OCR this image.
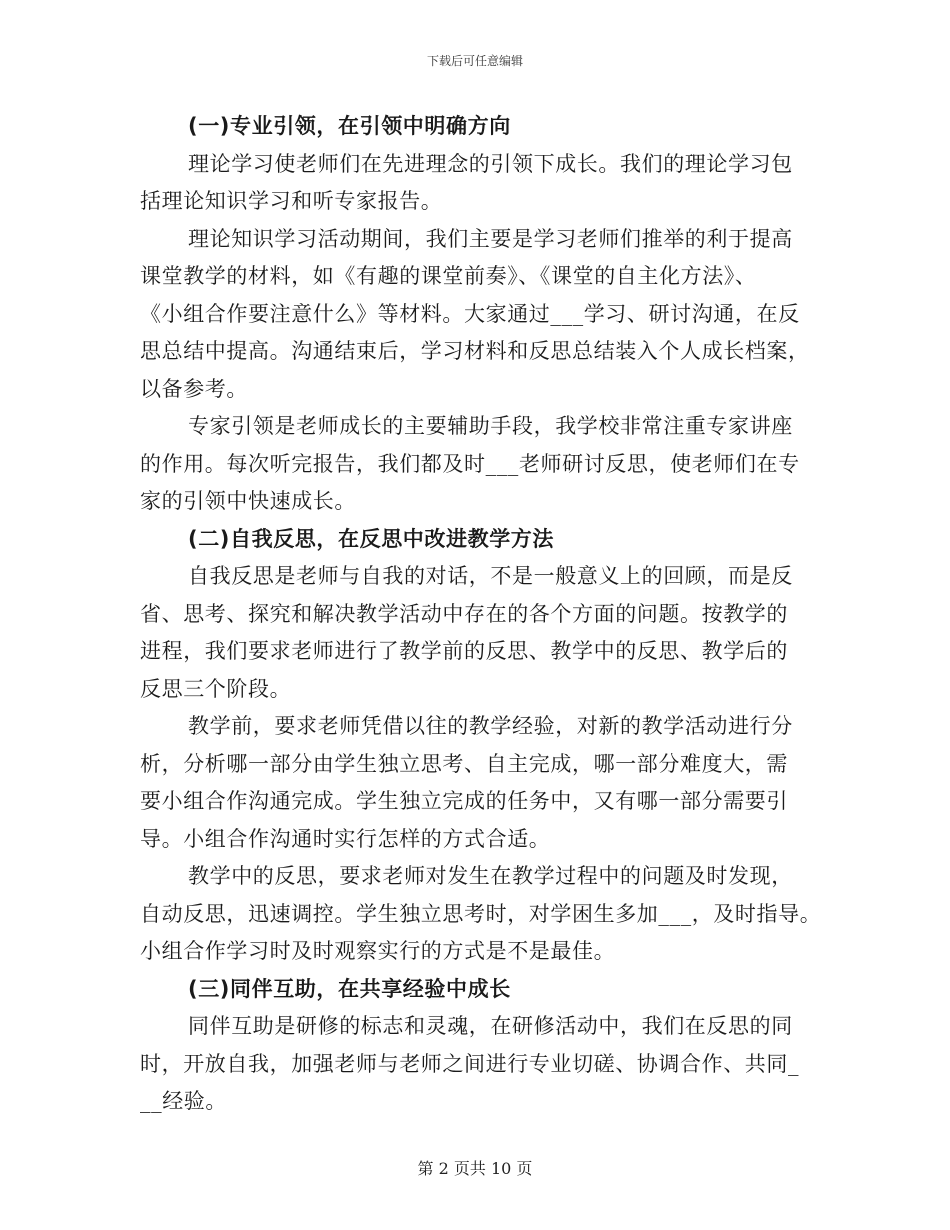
下载后可任意编辑
(一)专业引领，在引领中明确方向
理论学习使老师们在先进理念的引领下成长。我们的理论学习包
括理论知识学习和听专家报告。
理论知识学习活动期间，我们主要是学习老师们推举的利于提高
课堂教学的材料，如《有趣的课堂前奏》、《课堂的自主化方法》、
《小组合作要注意什么》等材料。大家通过___学习、研讨沟通，在反
思总结中提高。沟通结束后，学习材料和反思总结装入个人成长档案，
以备参考。
专家引领是老师成长的主要辅助手段，我学校非常注重专家讲座
的作用。每次听完报告，我们都及时___老师研讨反思，使老师们在专
家的引领中快速成长。
(二)自我反思，在反思中改进教学方法
自我反思是老师与自我的对话，不是一般意义上的回顾，而是反
省、思考、探究和解决教学活动中存在的各个方面的问题。按教学的
进程，我们要求老师进行了教学前的反思、教学中的反思、教学后的
反思三个阶段。
教学前，要求老师凭借以往的教学经验，对新的教学活动进行分
析，分析哪一部分由学生独立思考、自主完成，哪一部分难度大，需
要小组合作沟通完成。学生独立完成的任务中，又有哪一部分需要引
导。小组合作沟通时实行怎样的方式合适。
教学中的反思，要求老师对发生在教学过程中的问题及时发现，
自动反思，迅速调控。学生独立思考时，对学困生多加___，及时指导。
小组合作学习时及时观察实行的方式是不是最佳。
(三)同伴互助，在共享经验中成长
同伴互助是研修的标志和灵魂，在研修活动中，我们在反思的同
时，开放自我，加强老师与老师之间进行专业切磋、协调合作、共同_
__经验。
第 2 页共 10 页
